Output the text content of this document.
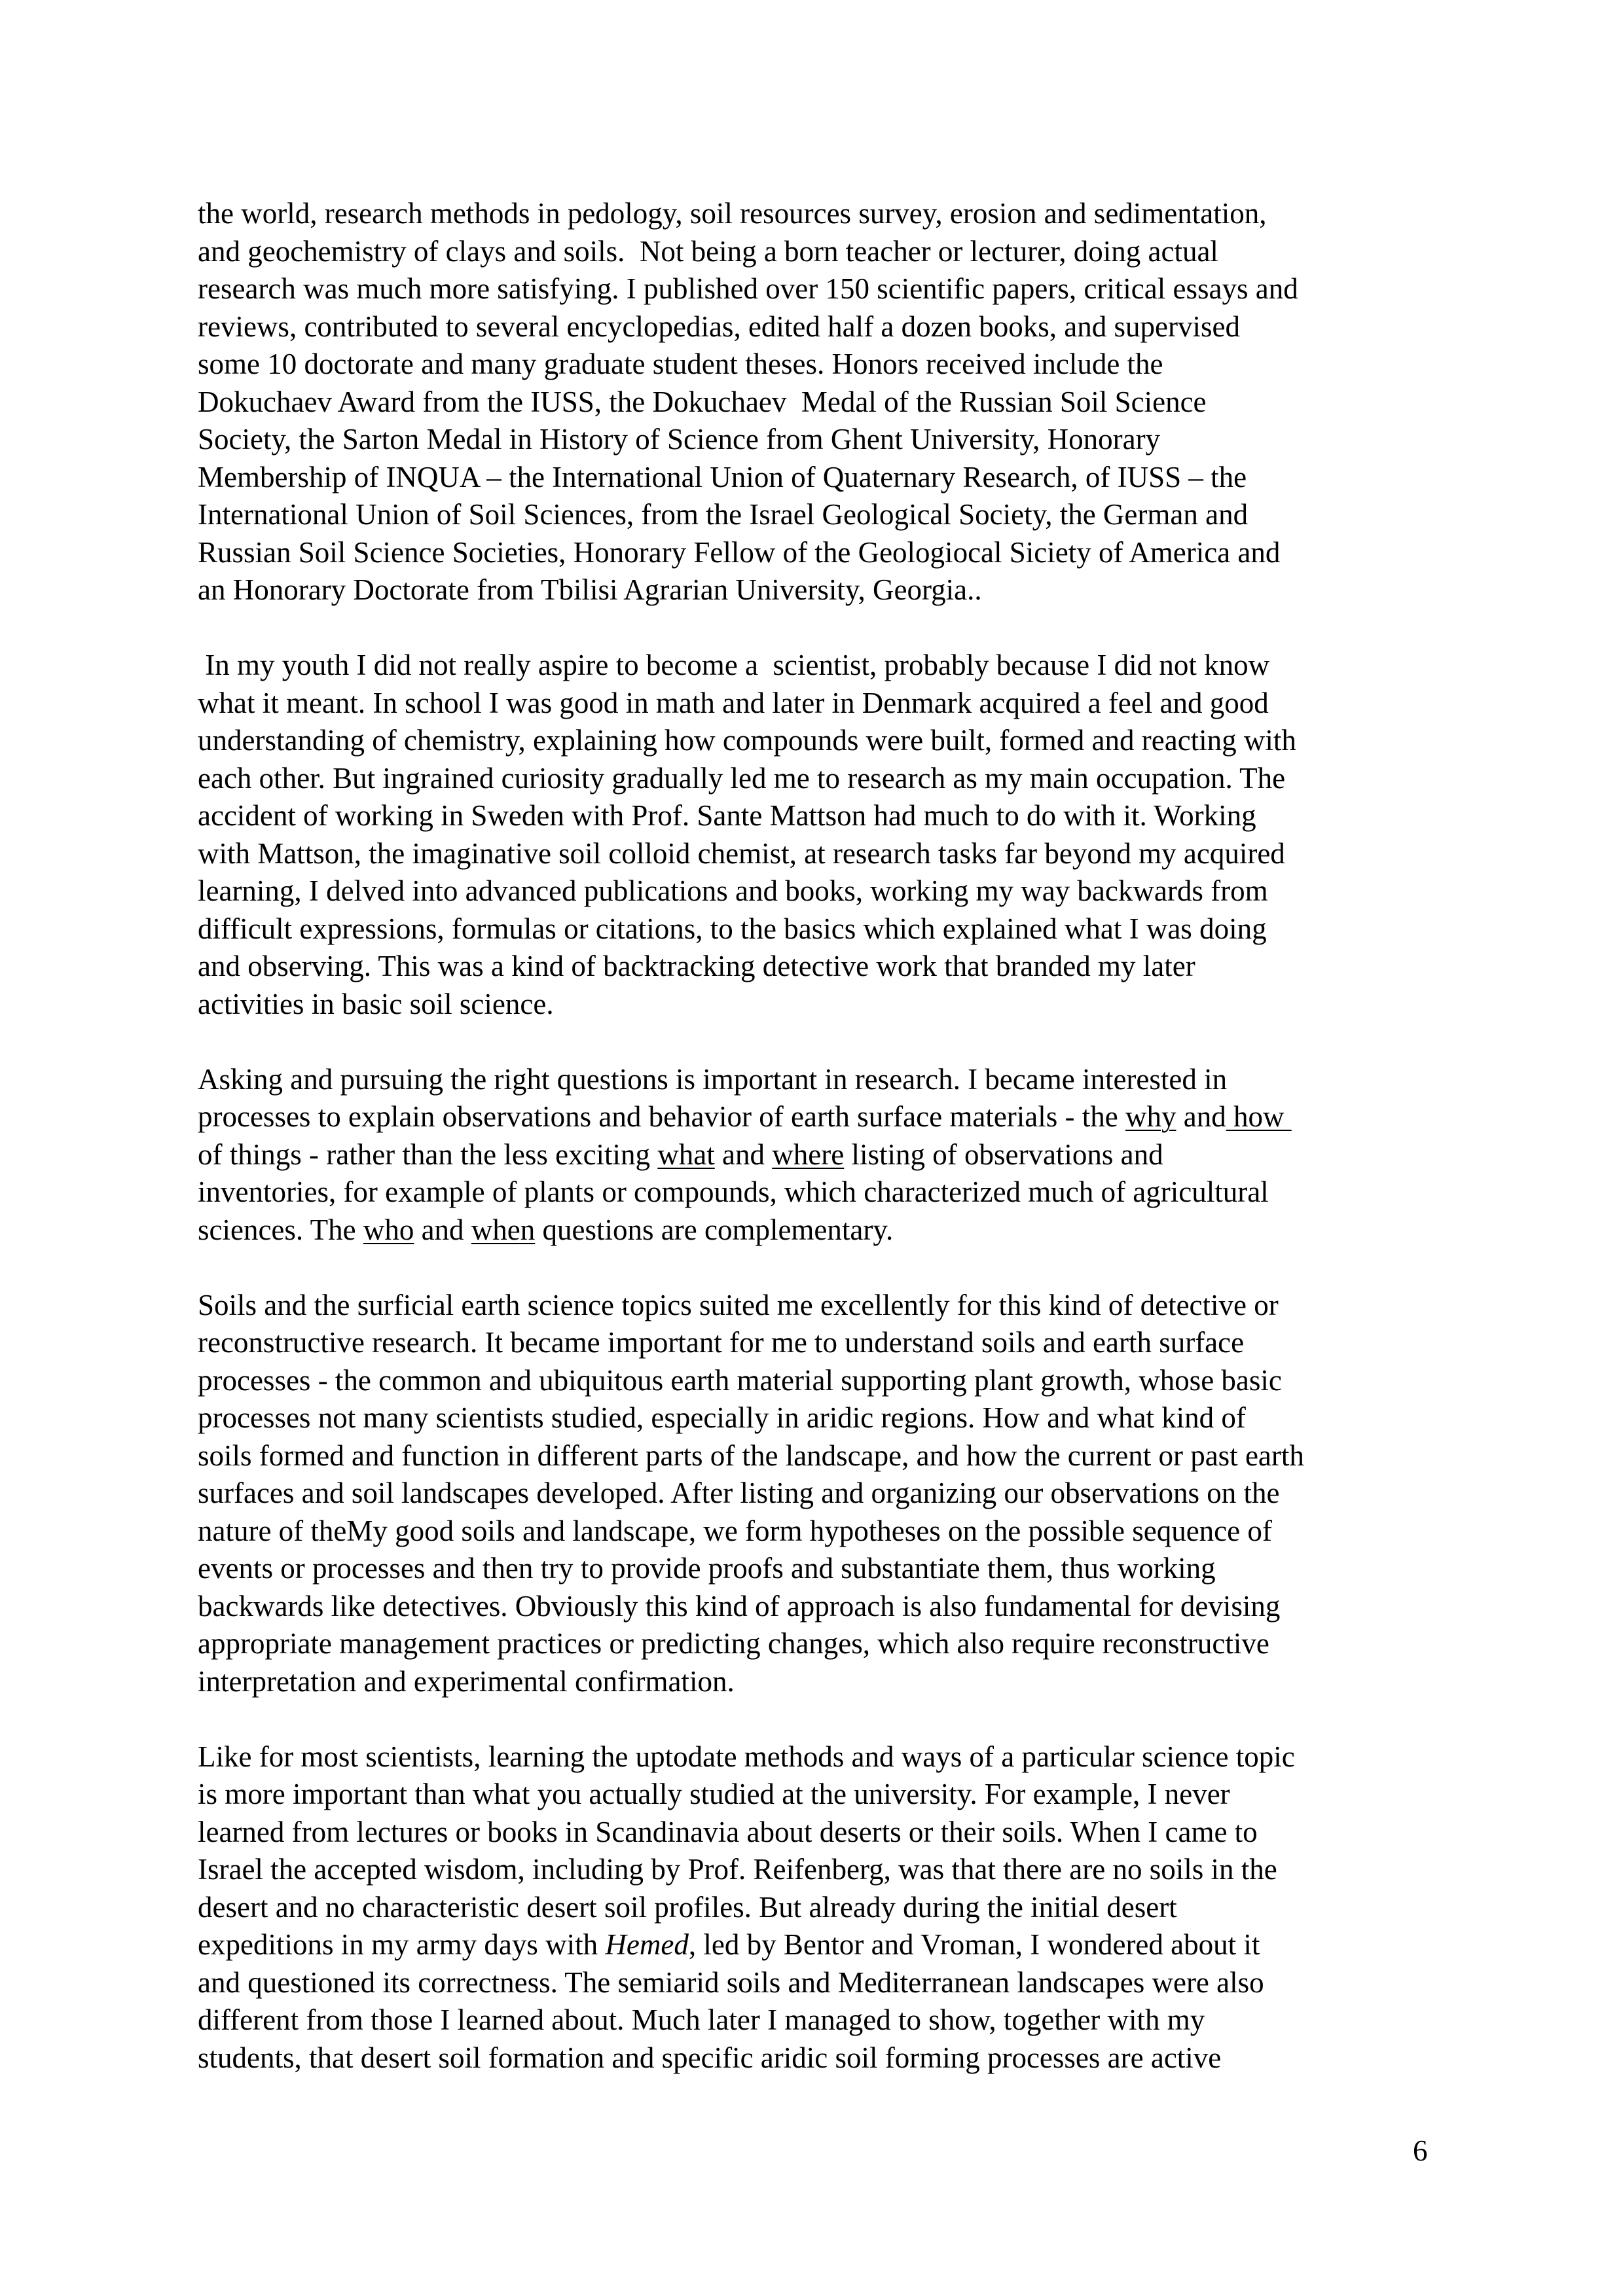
the world, research methods in pedology, soil resources survey, erosion and sedimentation,
and geochemistry of clays and soils.  Not being a born teacher or lecturer, doing actual
research was much more satisfying. I published over 150 scientific papers, critical essays and
reviews, contributed to several encyclopedias, edited half a dozen books, and supervised
some 10 doctorate and many graduate student theses. Honors received include the
Dokuchaev Award from the IUSS, the Dokuchaev  Medal of the Russian Soil Science
Society, the Sarton Medal in History of Science from Ghent University, Honorary
Membership of INQUA – the International Union of Quaternary Research, of IUSS – the
International Union of Soil Sciences, from the Israel Geological Society, the German and
Russian Soil Science Societies, Honorary Fellow of the Geologiocal Siciety of America and
an Honorary Doctorate from Tbilisi Agrarian University, Georgia..

In my youth I did not really aspire to become a  scientist, probably because I did not know
what it meant. In school I was good in math and later in Denmark acquired a feel and good
understanding of chemistry, explaining how compounds were built, formed and reacting with
each other. But ingrained curiosity gradually led me to research as my main occupation. The
accident of working in Sweden with Prof. Sante Mattson had much to do with it. Working
with Mattson, the imaginative soil colloid chemist, at research tasks far beyond my acquired
learning, I delved into advanced publications and books, working my way backwards from
difficult expressions, formulas or citations, to the basics which explained what I was doing
and observing. This was a kind of backtracking detective work that branded my later
activities in basic soil science.

Asking and pursuing the right questions is important in research. I became interested in
processes to explain observations and behavior of earth surface materials - the why and how
of things - rather than the less exciting what and where listing of observations and
inventories, for example of plants or compounds, which characterized much of agricultural
sciences. The who and when questions are complementary.

Soils and the surficial earth science topics suited me excellently for this kind of detective or
reconstructive research. It became important for me to understand soils and earth surface
processes - the common and ubiquitous earth material supporting plant growth, whose basic
processes not many scientists studied, especially in aridic regions. How and what kind of
soils formed and function in different parts of the landscape, and how the current or past earth
surfaces and soil landscapes developed. After listing and organizing our observations on the
nature of theMy good soils and landscape, we form hypotheses on the possible sequence of
events or processes and then try to provide proofs and substantiate them, thus working
backwards like detectives. Obviously this kind of approach is also fundamental for devising
appropriate management practices or predicting changes, which also require reconstructive
interpretation and experimental confirmation.

Like for most scientists, learning the uptodate methods and ways of a particular science topic
is more important than what you actually studied at the university. For example, I never
learned from lectures or books in Scandinavia about deserts or their soils. When I came to
Israel the accepted wisdom, including by Prof. Reifenberg, was that there are no soils in the
desert and no characteristic desert soil profiles. But already during the initial desert
expeditions in my army days with Hemed, led by Bentor and Vroman, I wondered about it
and questioned its correctness. The semiarid soils and Mediterranean landscapes were also
different from those I learned about. Much later I managed to show, together with my
students, that desert soil formation and specific aridic soil forming processes are active

6
